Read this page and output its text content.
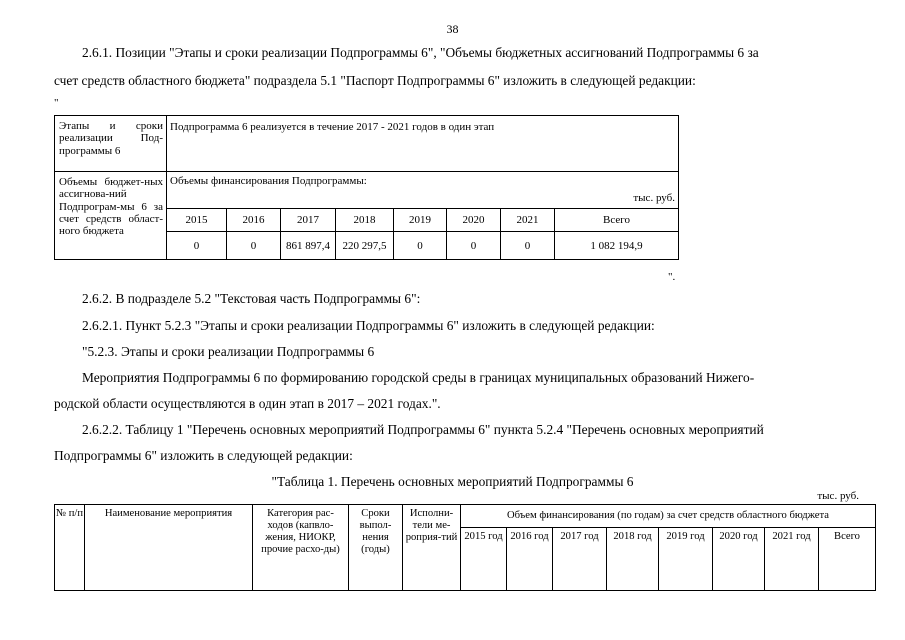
38
2.6.1. Позиции "Этапы и сроки реализации Подпрограммы 6", "Объемы бюджетных ассигнований Подпрограммы 6 за
счет средств областного бюджета" подраздела 5.1 "Паспорт Подпрограммы 6" изложить в следующей редакции:
"
Этапы и сроки реализации Под-программы 6	Подпрограмма 6 реализуется в течение 2017 - 2021 годов в один этап							
Объемы бюджет-ных ассигнова-ний Подпрограм-мы 6 за счет средств област-ного бюджета	Объемы финансирования Подпрограммы:
тыс. руб.							

	2015	2016	2017	2018	2019	2020	2021	Всего
	0	0	861 897,4	220 297,5	0	0	0	1 082 194,9
".
2.6.2. В подразделе 5.2 "Текстовая часть Подпрограммы 6":
2.6.2.1. Пункт 5.2.3 "Этапы и сроки реализации Подпрограммы 6" изложить в следующей редакции:
"5.2.3. Этапы и сроки реализации Подпрограммы 6
Мероприятия Подпрограммы 6 по формированию городской среды в границах муниципальных образований Нижего-
родской области осуществляются в один этап в 2017 – 2021 годах.".
2.6.2.2. Таблицу 1 "Перечень основных мероприятий Подпрограммы 6" пункта 5.2.4 "Перечень основных мероприятий
Подпрограммы 6" изложить в следующей редакции:
"Таблица 1. Перечень основных мероприятий Подпрограммы 6
тыс. руб.
№ п/п	Наименование мероприятия	Категория рас-ходов (капвло-жения, НИОКР, прочие расхо-ды)	Сроки выпол-нения (годы)	Исполни-тели ме-роприя-тий	Объем финансирования (по годам) за счет средств областного бюджета							
					2015 год	2016 год	2017 год	2018 год	2019 год	2020 год	2021 год	Всего
